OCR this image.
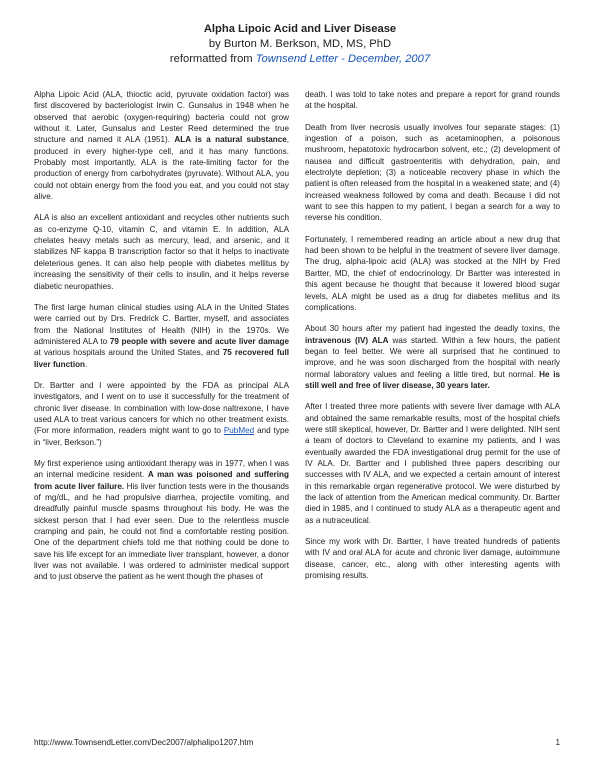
Alpha Lipoic Acid and Liver Disease
by Burton M. Berkson, MD, MS, PhD
reformatted from Townsend Letter - December, 2007

Alpha Lipoic Acid (ALA, thioctic acid, pyruvate oxidation factor) was first discovered by bacteriologist Irwin C. Gunsalus in 1948 when he observed that aerobic (oxygen-requiring) bacteria could not grow without it. Later, Gunsalus and Lester Reed determined the true structure and named it ALA (1951). ALA is a natural substance, produced in every higher-type cell, and it has many functions. Probably most importantly, ALA is the rate-limiting factor for the production of energy from carbohydrates (pyruvate). Without ALA, you could not obtain energy from the food you eat, and you could not stay alive.

ALA is also an excellent antioxidant and recycles other nutrients such as co-enzyme Q-10, vitamin C, and vitamin E. In addition, ALA chelates heavy metals such as mercury, lead, and arsenic, and it stabilizes NF kappa B transcription factor so that it helps to inactivate deleterious genes. It can also help people with diabetes mellitus by increasing the sensitivity of their cells to insulin, and it helps reverse diabetic neuropathies.

The first large human clinical studies using ALA in the United States were carried out by Drs. Fredrick C. Bartter, myself, and associates from the National Institutes of Health (NIH) in the 1970s. We administered ALA to 79 people with severe and acute liver damage at various hospitals around the United States, and 75 recovered full liver function.

Dr. Bartter and I were appointed by the FDA as principal ALA investigators, and I went on to use it successfully for the treatment of chronic liver disease. In combination with low-dose naltrexone, I have used ALA to treat various cancers for which no other treatment exists. (For more information, readers might want to go to PubMed and type in “liver, Berkson.”)

My first experience using antioxidant therapy was in 1977, when I was an internal medicine resident. A man was poisoned and suffering from acute liver failure. His liver function tests were in the thousands of mg/dL, and he had propulsive diarrhea, projectile vomiting, and dreadfully painful muscle spasms throughout his body. He was the sickest person that I had ever seen. Due to the relentless muscle cramping and pain, he could not find a comfortable resting position. One of the department chiefs told me that nothing could be done to save his life except for an immediate liver transplant, however, a donor liver was not available. I was ordered to administer medical support and to just observe the patient as he went though the phases of

death. I was told to take notes and prepare a report for grand rounds at the hospital.

Death from liver necrosis usually involves four separate stages: (1) ingestion of a poison, such as acetaminophen, a poisonous mushroom, hepatotoxic hydrocarbon solvent, etc.; (2) development of nausea and difficult gastroenteritis with dehydration, pain, and electrolyte depletion; (3) a noticeable recovery phase in which the patient is often released from the hospital in a weakened state; and (4) increased weakness followed by coma and death. Because I did not want to see this happen to my patient, I began a search for a way to reverse his condition.

Fortunately, I remembered reading an article about a new drug that had been shown to be helpful in the treatment of severe liver damage. The drug, alpha-lipoic acid (ALA) was stocked at the NIH by Fred Bartter, MD, the chief of endocrinology. Dr Bartter was interested in this agent because he thought that because it lowered blood sugar levels, ALA might be used as a drug for diabetes mellitus and its complications.

About 30 hours after my patient had ingested the deadly toxins, the intravenous (IV) ALA was started. Within a few hours, the patient began to feel better. We were all surprised that he continued to improve, and he was soon discharged from the hospital with nearly normal laboratory values and feeling a little tired, but normal. He is still well and free of liver disease, 30 years later.

After I treated three more patients with severe liver damage with ALA and obtained the same remarkable results, most of the hospital chiefs were still skeptical, however, Dr. Bartter and I were delighted. NIH sent a team of doctors to Cleveland to examine my patients, and I was eventually awarded the FDA investigational drug permit for the use of IV ALA. Dr. Bartter and I published three papers describing our successes with IV ALA, and we expected a certain amount of interest in this remarkable organ regenerative protocol. We were disturbed by the lack of attention from the American medical community. Dr. Bartter died in 1985, and I continued to study ALA as a therapeutic agent and as a nutraceutical.

Since my work with Dr. Bartter, I have treated hundreds of patients with IV and oral ALA for acute and chronic liver damage, autoimmune disease, cancer, etc., along with other interesting agents with promising results.

http://www.TownsendLetter.com/Dec2007/alphalipo1207.htm	1
